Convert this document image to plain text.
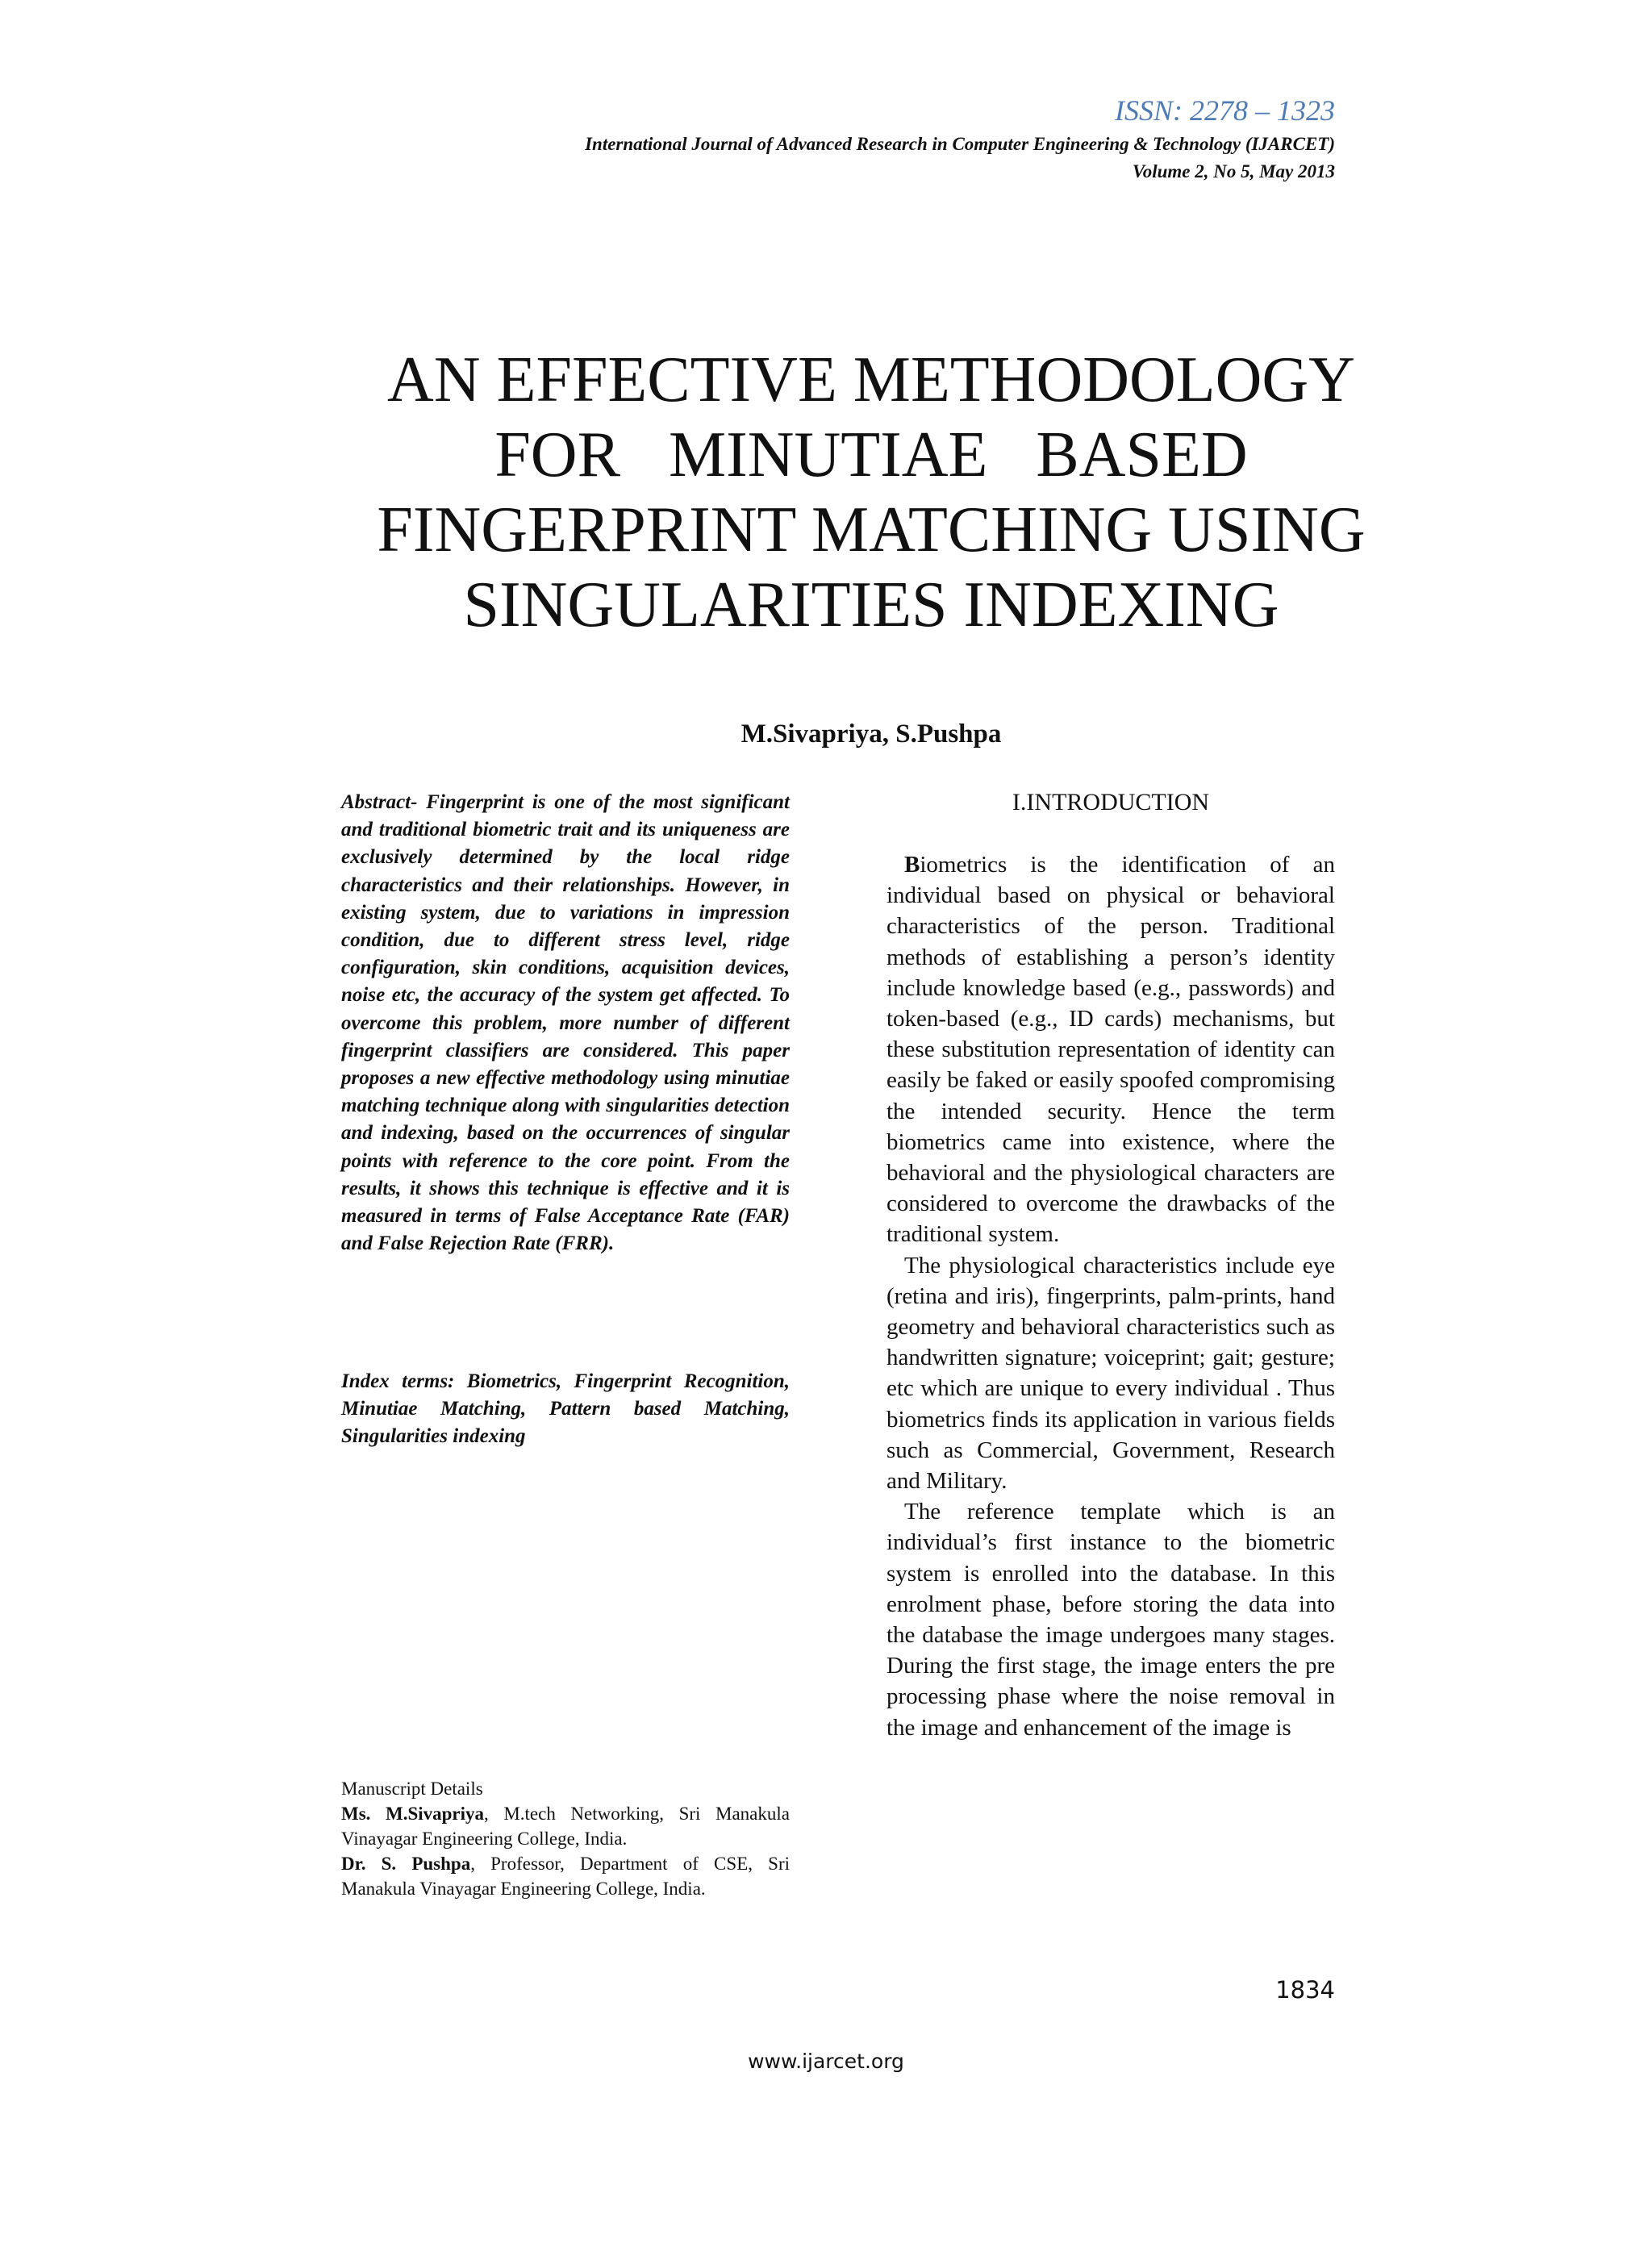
ISSN: 2278 – 1323
International Journal of Advanced Research in Computer Engineering & Technology (IJARCET)
Volume 2, No 5, May 2013
AN EFFECTIVE METHODOLOGY
FOR MINUTIAE BASED
FINGERPRINT MATCHING USING
SINGULARITIES INDEXING
M.Sivapriya, S.Pushpa
Abstract- Fingerprint is one of the most significant and traditional biometric trait and its uniqueness are exclusively determined by the local ridge characteristics and their relationships. However, in existing system, due to variations in impression condition, due to different stress level, ridge configuration, skin conditions, acquisition devices, noise etc, the accuracy of the system get affected. To overcome this problem, more number of different fingerprint classifiers are considered. This paper proposes a new effective methodology using minutiae matching technique along with singularities detection and indexing, based on the occurrences of singular points with reference to the core point. From the results, it shows this technique is effective and it is measured in terms of False Acceptance Rate (FAR) and False Rejection Rate (FRR).
Index terms: Biometrics, Fingerprint Recognition, Minutiae Matching, Pattern based Matching, Singularities indexing
Manuscript Details
Ms. M.Sivapriya, M.tech Networking, Sri Manakula Vinayagar Engineering College, India.
Dr. S. Pushpa, Professor, Department of CSE, Sri Manakula Vinayagar Engineering College, India.
I.INTRODUCTION

Biometrics is the identification of an individual based on physical or behavioral characteristics of the person. Traditional methods of establishing a person’s identity include knowledge based (e.g., passwords) and token-based (e.g., ID cards) mechanisms, but these substitution representation of identity can easily be faked or easily spoofed compromising the intended security. Hence the term biometrics came into existence, where the behavioral and the physiological characters are considered to overcome the drawbacks of the traditional system.

The physiological characteristics include eye (retina and iris), fingerprints, palm-prints, hand geometry and behavioral characteristics such as handwritten signature; voiceprint; gait; gesture; etc which are unique to every individual . Thus biometrics finds its application in various fields such as Commercial, Government, Research and Military.

The reference template which is an individual’s first instance to the biometric system is enrolled into the database. In this enrolment phase, before storing the data into the database the image undergoes many stages. During the first stage, the image enters the pre processing phase where the noise removal in the image and enhancement of the image is

1834
www.ijarcet.org
